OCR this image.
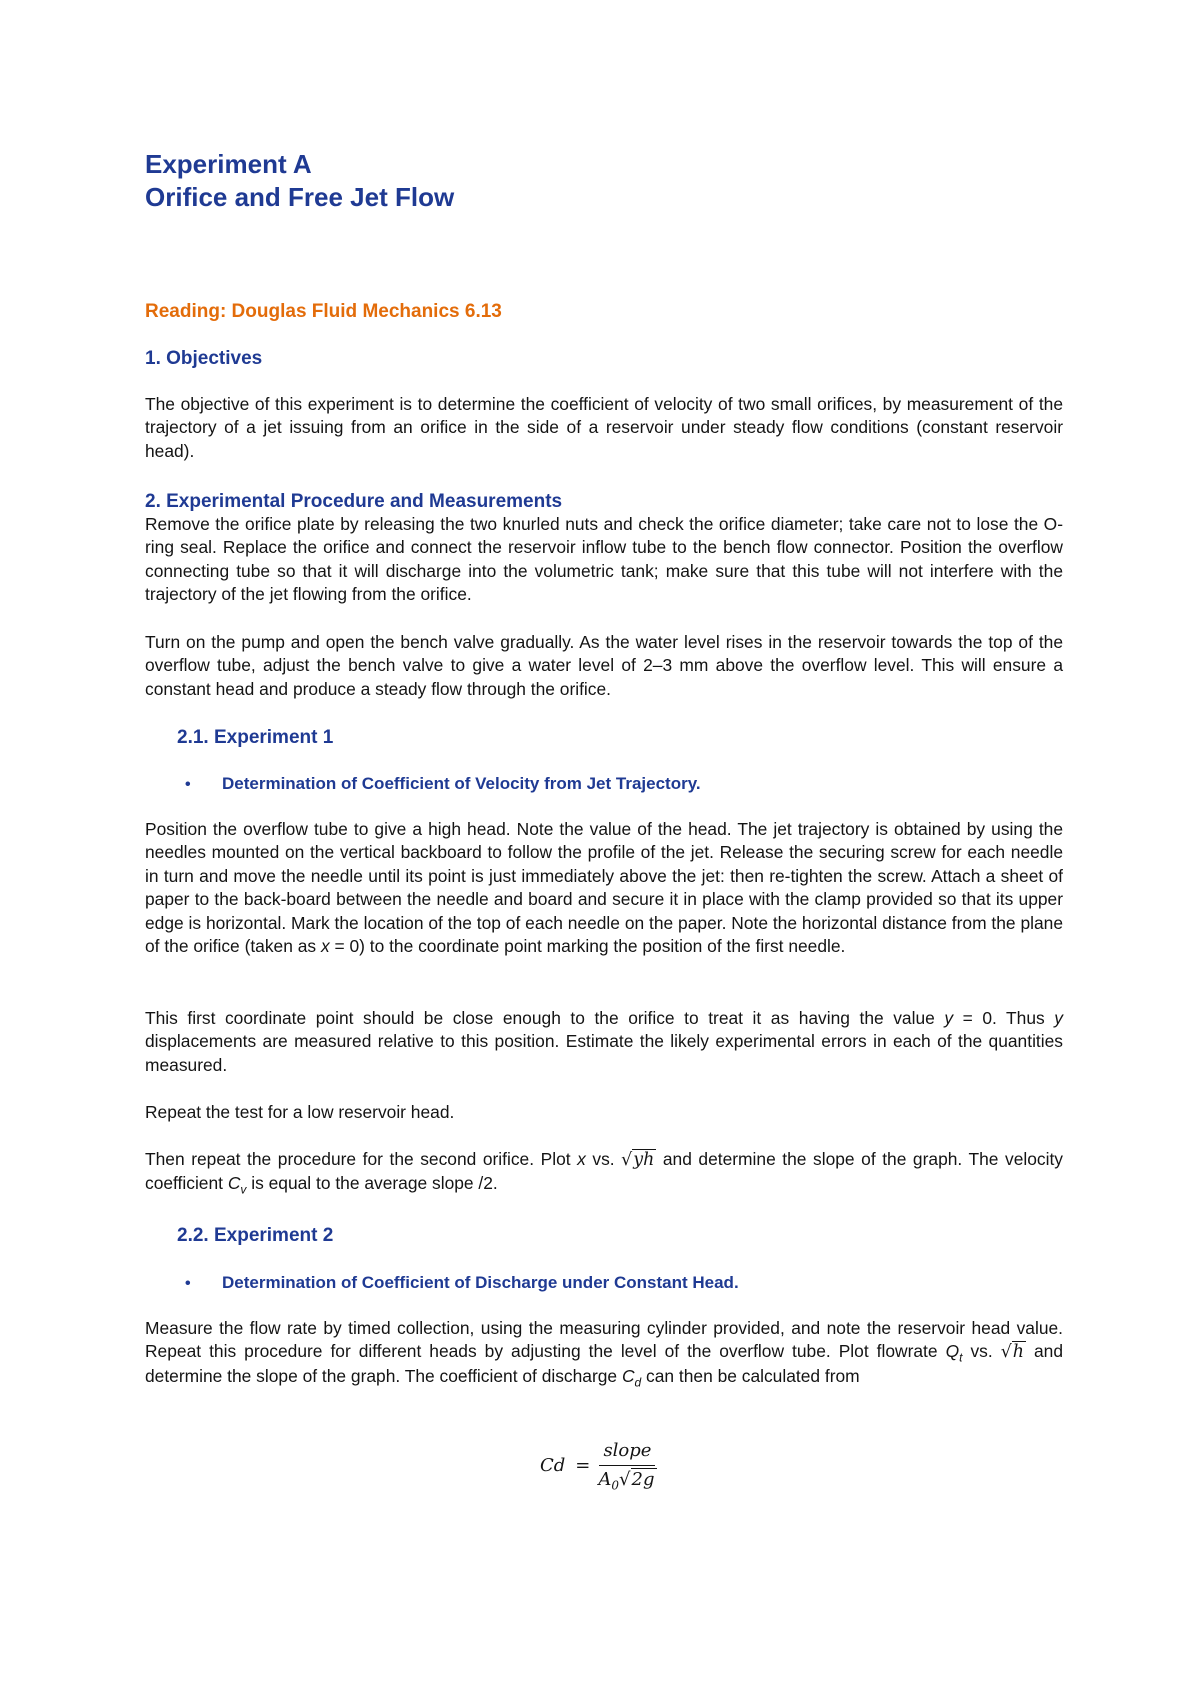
Experiment A

Orifice and Free Jet Flow

Reading: Douglas Fluid Mechanics 6.13

1. Objectives

The objective of this experiment is to determine the coefficient of velocity of two small orifices, by measurement of the trajectory of a jet issuing from an orifice in the side of a reservoir under steady flow conditions (constant reservoir head).

2. Experimental Procedure and Measurements

Remove the orifice plate by releasing the two knurled nuts and check the orifice diameter; take care not to lose the O-ring seal. Replace the orifice and connect the reservoir inflow tube to the bench flow connector. Position the overflow connecting tube so that it will discharge into the volumetric tank; make sure that this tube will not interfere with the trajectory of the jet flowing from the orifice.

Turn on the pump and open the bench valve gradually. As the water level rises in the reservoir towards the top of the overflow tube, adjust the bench valve to give a water level of 2–3 mm above the overflow level. This will ensure a constant head and produce a steady flow through the orifice.

2.1. Experiment 1

•	Determination of Coefficient of Velocity from Jet Trajectory.

Position the overflow tube to give a high head. Note the value of the head. The jet trajectory is obtained by using the needles mounted on the vertical backboard to follow the profile of the jet. Release the securing screw for each needle in turn and move the needle until its point is just immediately above the jet: then re-tighten the screw. Attach a sheet of paper to the back-board between the needle and board and secure it in place with the clamp provided so that its upper edge is horizontal. Mark the location of the top of each needle on the paper. Note the horizontal distance from the plane of the orifice (taken as x = 0) to the coordinate point marking the position of the first needle.

This first coordinate point should be close enough to the orifice to treat it as having the value y = 0. Thus y displacements are measured relative to this position. Estimate the likely experimental errors in each of the quantities measured.

Repeat the test for a low reservoir head.

Then repeat the procedure for the second orifice. Plot x vs. √yh and determine the slope of the graph. The velocity coefficient $C_v$ is equal to the average slope /2.

2.2. Experiment 2

•	Determination of Coefficient of Discharge under Constant Head.

Measure the flow rate by timed collection, using the measuring cylinder provided, and note the reservoir head value. Repeat this procedure for different heads by adjusting the level of the overflow tube. Plot flowrate $Q_t$ vs. √h and determine the slope of the graph. The coefficient of discharge $C_d$ can then be calculated from

$Cd = \frac{\text{slope}}{A_0√2g}$
